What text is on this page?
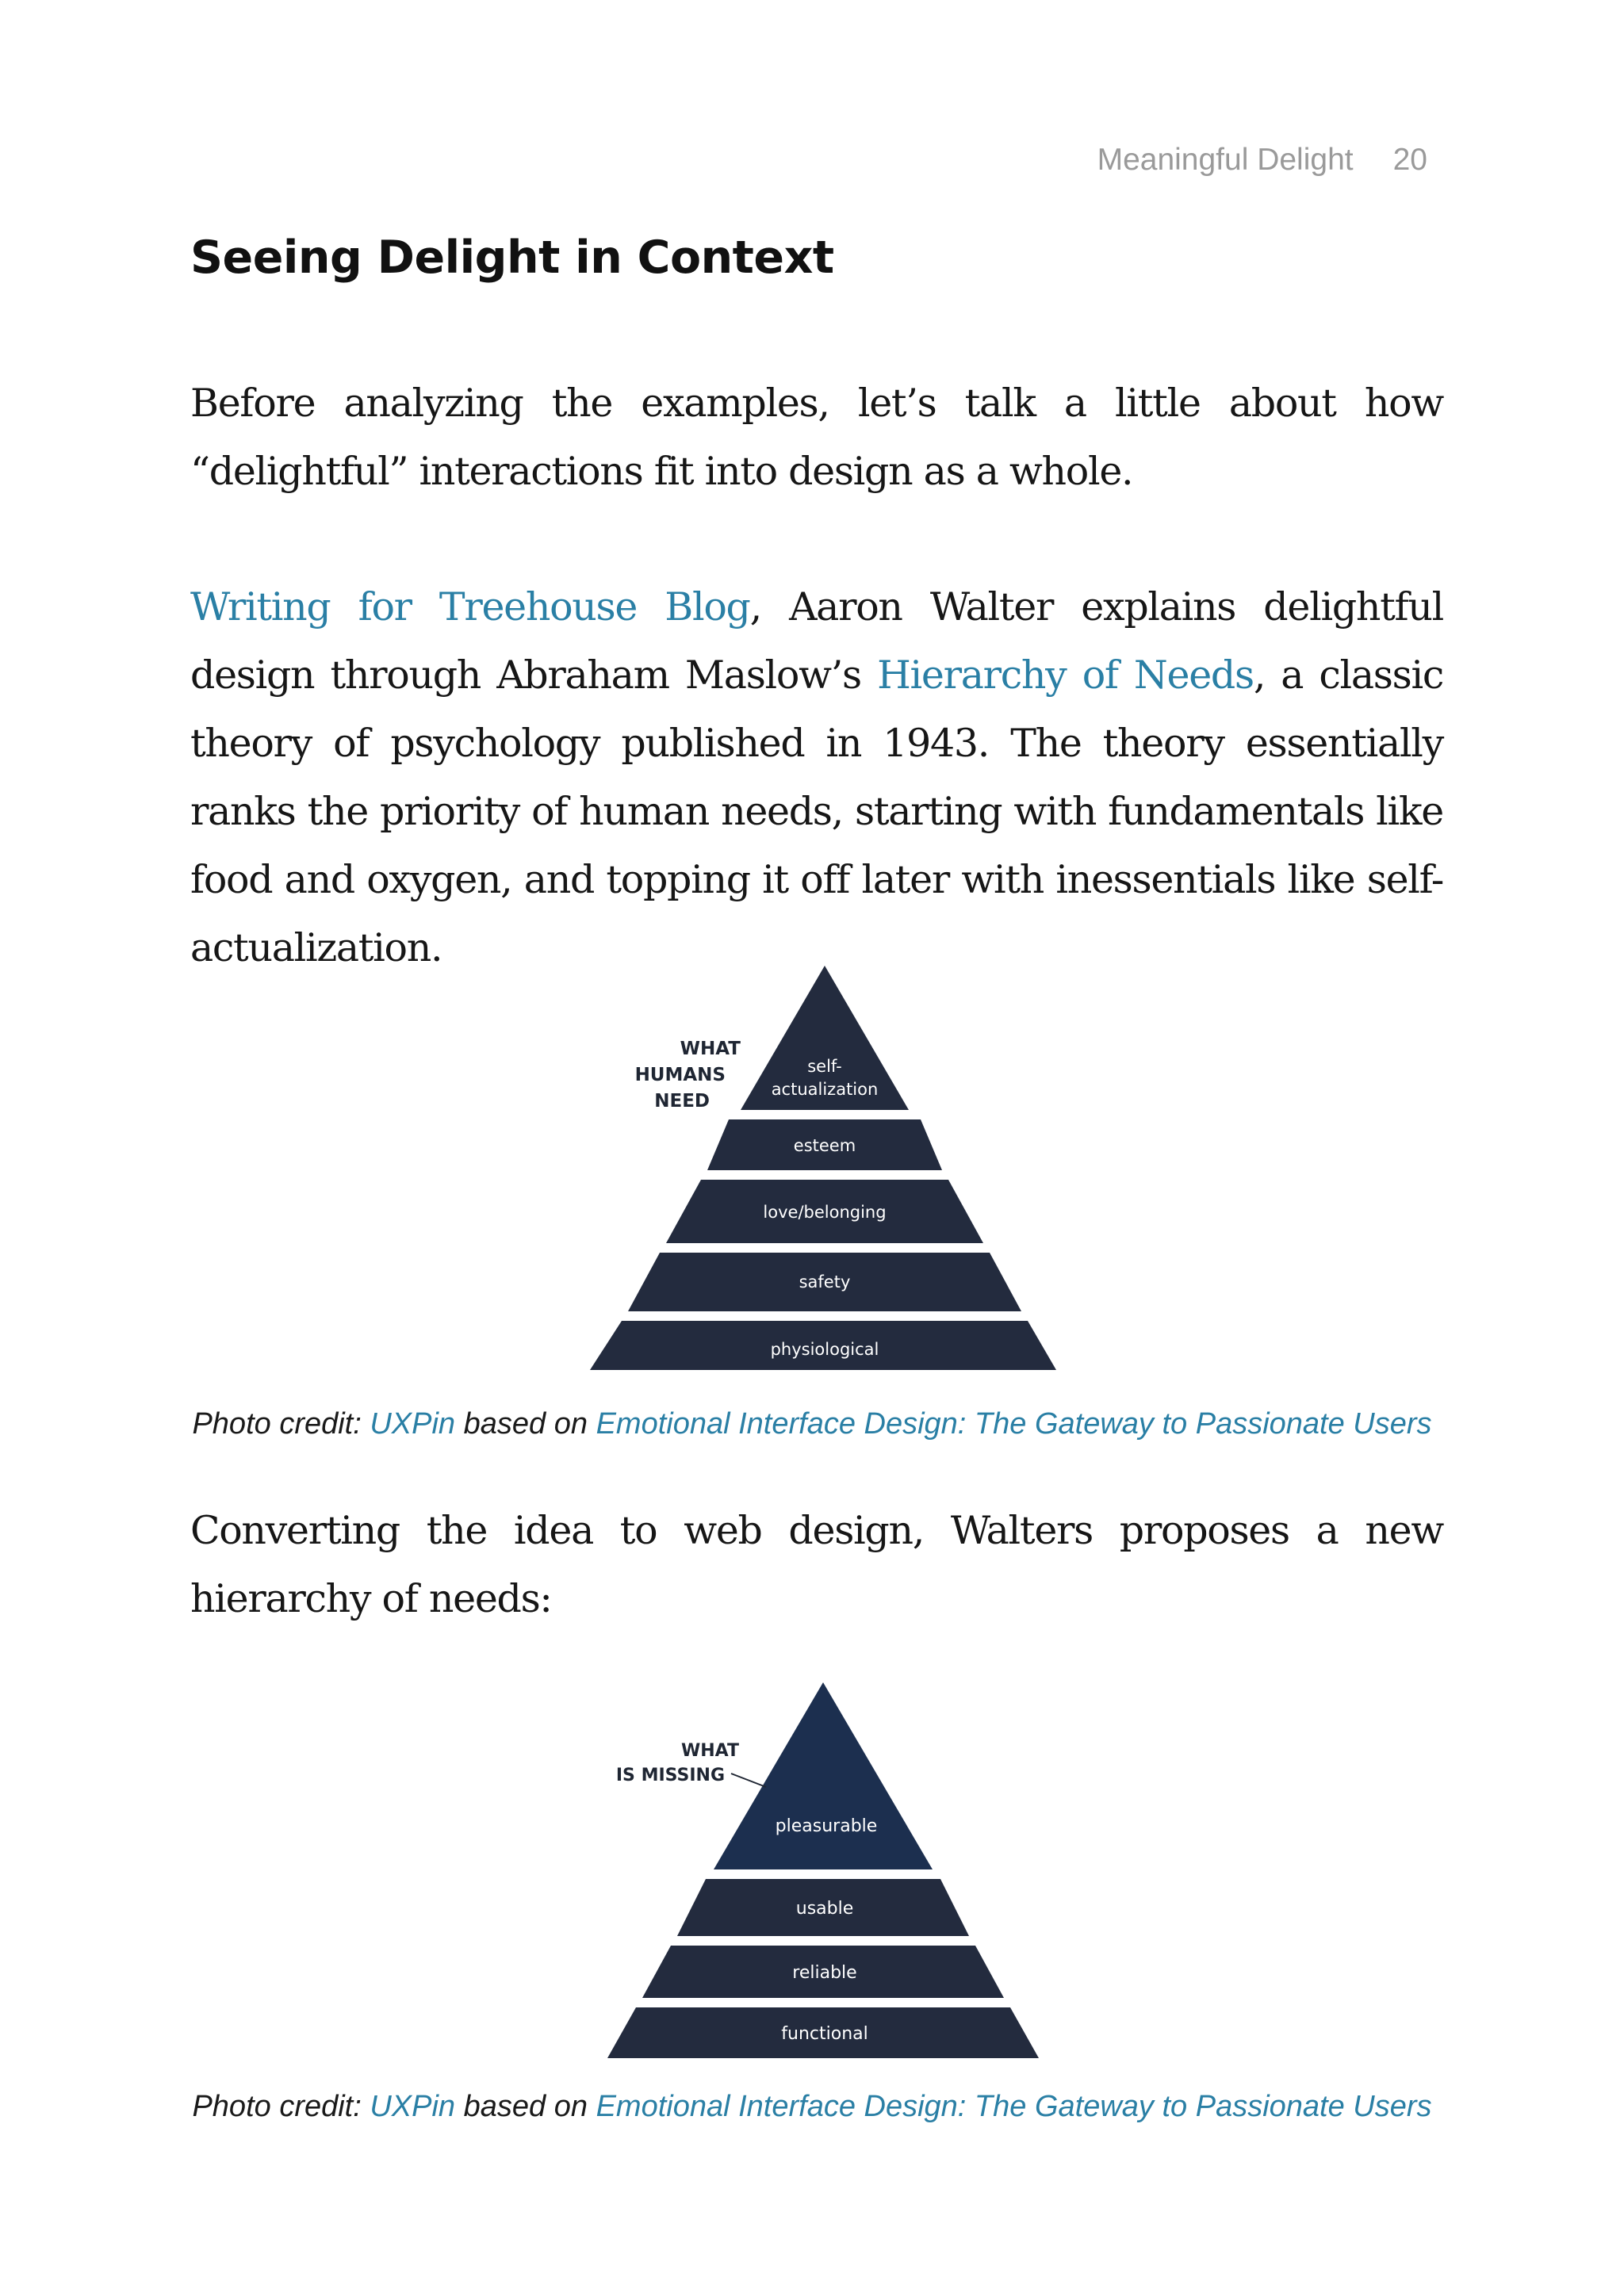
Meaningful Delight 20
Seeing Delight in Context

Before analyzing the examples, let’s talk a little about how “delightful” interactions fit into design as a whole.

Writing for Treehouse Blog, Aaron Walter explains delightful design through Abraham Maslow’s Hierarchy of Needs, a classic theory of psychology published in 1943. The theory essentially ranks the priority of human needs, starting with fundamentals like food and oxygen, and topping it off later with inessentials like self-actualization.

WHAT
HUMANS
NEED
self-
actualization
esteem
love/belonging
safety
physiological

Photo credit: UXPin based on Emotional Interface Design: The Gateway to Passionate Users

Converting the idea to web design, Walters proposes a new hierarchy of needs:

WHAT
IS MISSING
pleasurable
usable
reliable
functional

Photo credit: UXPin based on Emotional Interface Design: The Gateway to Passionate Users
